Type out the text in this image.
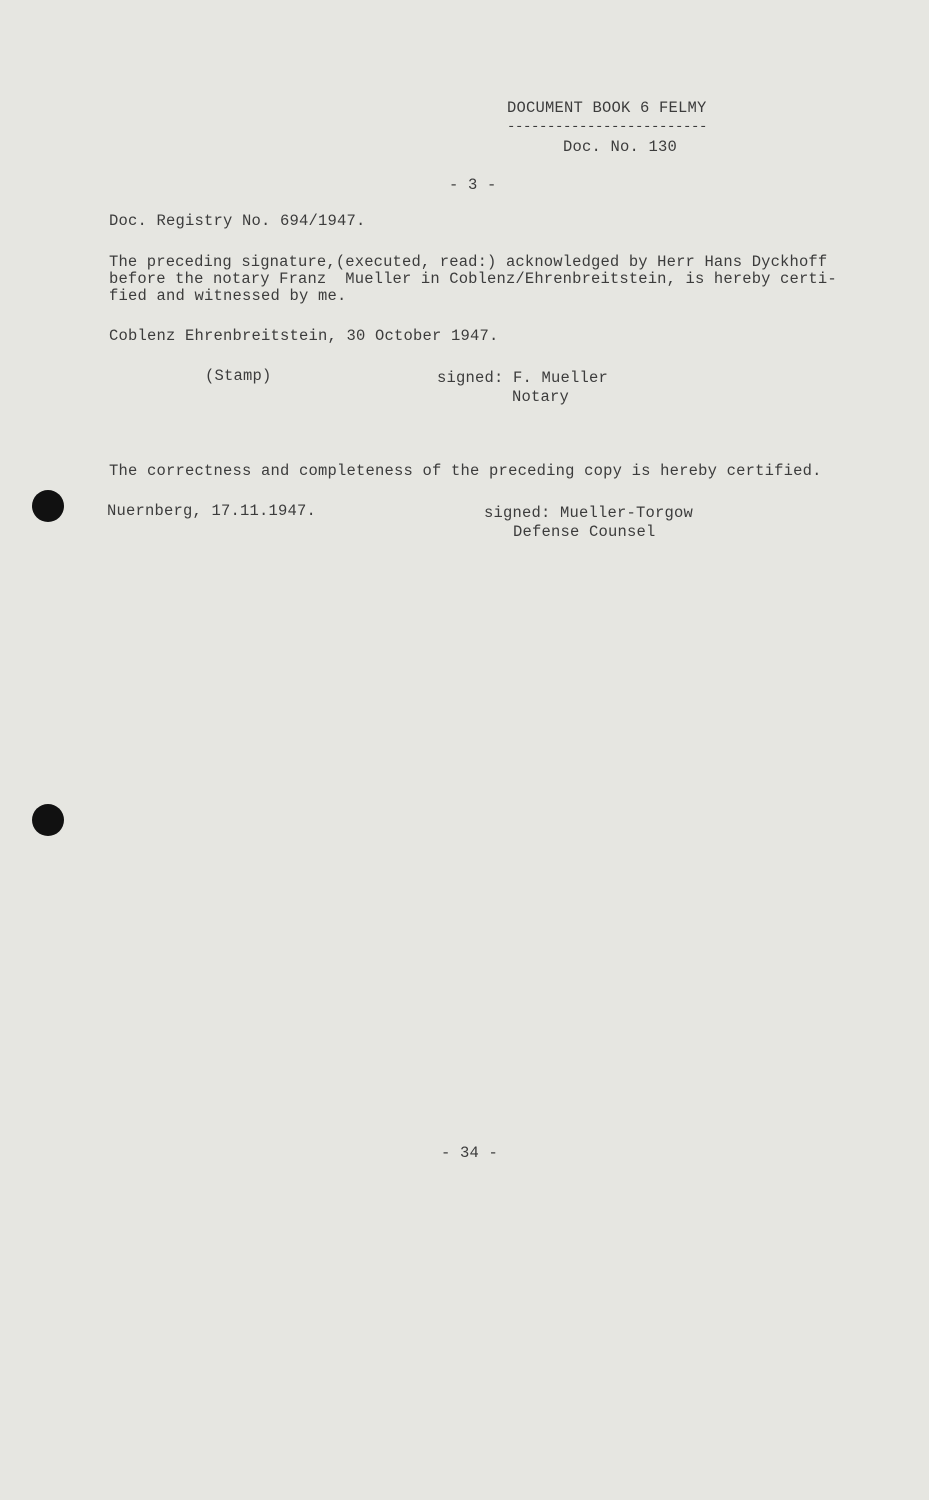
DOCUMENT BOOK 6 FELMY

-------------------------

Doc. No. 130

- 3 -

Doc. Registry No. 694/1947.

The preceding signature,(executed, read:) acknowledged by Herr Hans Dyckhoff

before the notary Franz  Mueller in Coblenz/Ehrenbreitstein, is hereby certi-

fied and witnessed by me.

Coblenz Ehrenbreitstein, 30 October 1947.

(Stamp)	signed: F. Mueller

Notary

The correctness and completeness of the preceding copy is hereby certified.

Nuernberg, 17.11.1947.	signed: Mueller-Torgow

Defense Counsel

- 34 -
